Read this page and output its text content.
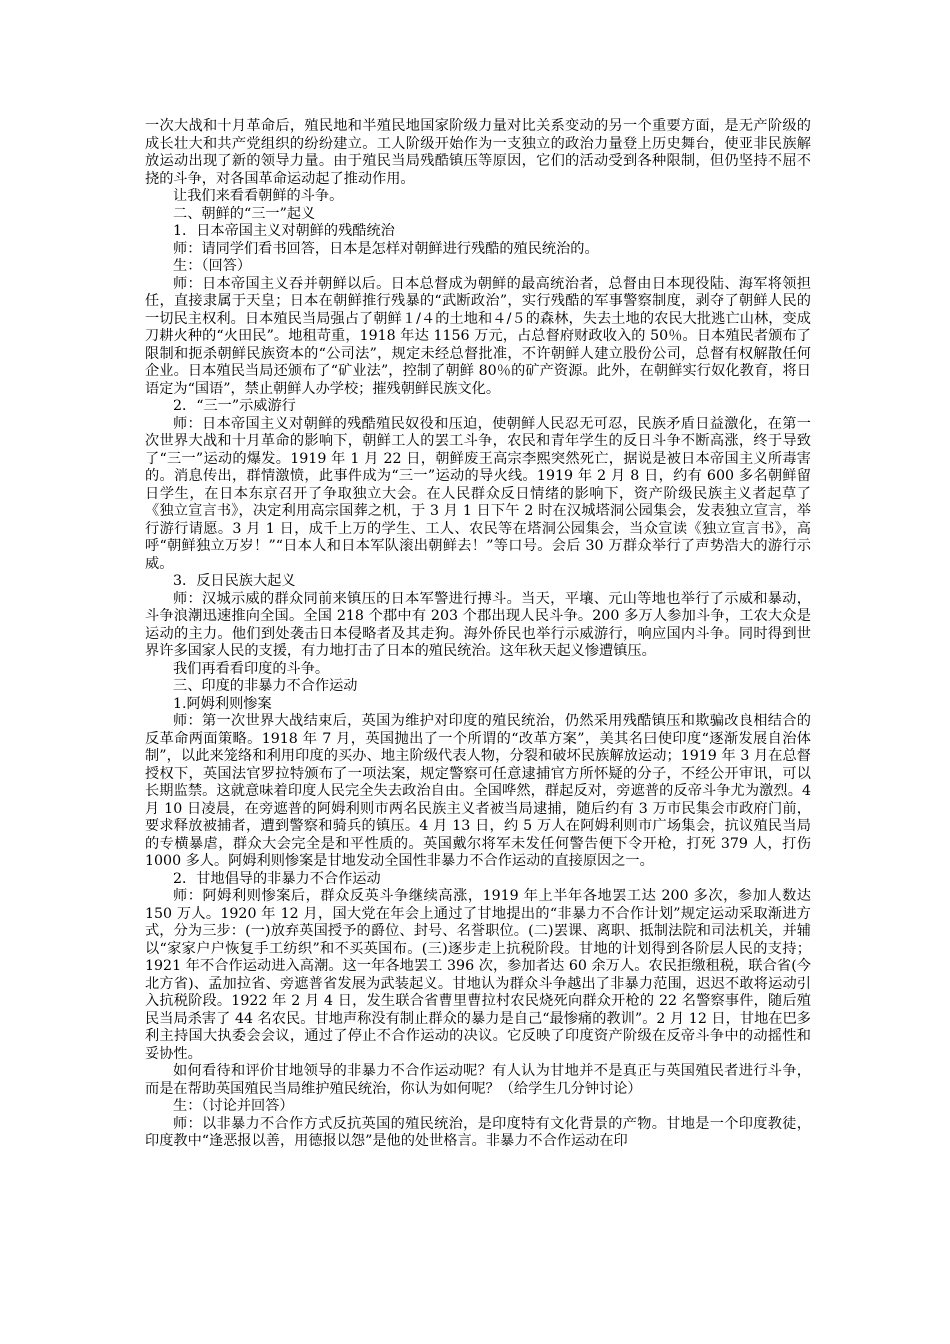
一次大战和十月革命后，殖民地和半殖民地国家阶级力量对比关系变动的另一个重要方面，是无产阶级的成长壮大和共产党组织的纷纷建立。工人阶级开始作为一支独立的政治力量登上历史舞台，使亚非民族解放运动出现了新的领导力量。由于殖民当局残酷镇压等原因，它们的活动受到各种限制，但仍坚持不屈不挠的斗争，对各国革命运动起了推动作用。

让我们来看看朝鲜的斗争。

二、朝鲜的“三一”起义

1．日本帝国主义对朝鲜的残酷统治

师：请同学们看书回答，日本是怎样对朝鲜进行残酷的殖民统治的。

生：（回答）

师：日本帝国主义吞并朝鲜以后。日本总督成为朝鲜的最高统治者，总督由日本现役陆、海军将领担任，直接隶属于天皇；日本在朝鲜推行残暴的“武断政治”，实行残酷的军事警察制度，剥夺了朝鲜人民的一切民主权利。日本殖民当局强占了朝鲜１/４的土地和４/５的森林，失去土地的农民大批逃亡山林，变成刀耕火种的“火田民”。地租苛重，1918 年达 1156 万元，占总督府财政收入的 50％。日本殖民者颁布了限制和扼杀朝鲜民族资本的“公司法”，规定未经总督批准，不许朝鲜人建立股份公司，总督有权解散任何企业。日本殖民当局还颁布了“矿业法”，控制了朝鲜 80％的矿产资源。此外，在朝鲜实行奴化教育，将日语定为“国语”，禁止朝鲜人办学校；摧残朝鲜民族文化。

2．“三一”示威游行

师：日本帝国主义对朝鲜的残酷殖民奴役和压迫，使朝鲜人民忍无可忍，民族矛盾日益激化，在第一次世界大战和十月革命的影响下，朝鲜工人的罢工斗争，农民和青年学生的反日斗争不断高涨，终于导致了“三一”运动的爆发。1919 年 1 月 22 日，朝鲜废王高宗李熙突然死亡，据说是被日本帝国主义所毒害的。消息传出，群情激愤，此事件成为“三一”运动的导火线。1919 年 2 月 8 日，约有 600 多名朝鲜留日学生，在日本东京召开了争取独立大会。在人民群众反日情绪的影响下，资产阶级民族主义者起草了《独立宣言书》，决定利用高宗国葬之机，于 3 月 1 日下午 2 时在汉城塔洞公园集会，发表独立宣言，举行游行请愿。3 月 1 日，成千上万的学生、工人、农民等在塔洞公园集会，当众宣读《独立宣言书》，高呼“朝鲜独立万岁！”“日本人和日本军队滚出朝鲜去！”等口号。会后 30 万群众举行了声势浩大的游行示威。

3．反日民族大起义

师：汉城示威的群众同前来镇压的日本军警进行搏斗。当天，平壤、元山等地也举行了示威和暴动，斗争浪潮迅速推向全国。全国 218 个郡中有 203 个郡出现人民斗争。200 多万人参加斗争，工农大众是运动的主力。他们到处袭击日本侵略者及其走狗。海外侨民也举行示威游行，响应国内斗争。同时得到世界许多国家人民的支援，有力地打击了日本的殖民统治。这年秋天起义惨遭镇压。

我们再看看印度的斗争。

三、印度的非暴力不合作运动

1.阿姆利则惨案

师：第一次世界大战结束后，英国为维护对印度的殖民统治，仍然采用残酷镇压和欺骗改良相结合的反革命两面策略。1918 年 7 月，英国抛出了一个所谓的“改革方案”，美其名曰使印度“逐渐发展自治体制”，以此来笼络和利用印度的买办、地主阶级代表人物，分裂和破坏民族解放运动；1919 年 3 月在总督授权下，英国法官罗拉特颁布了一项法案，规定警察可任意逮捕官方所怀疑的分子，不经公开审讯，可以长期监禁。这就意味着印度人民完全失去政治自由。全国哗然，群起反对，旁遮普的反帝斗争尤为激烈。4 月 10 日凌晨，在旁遮普的阿姆利则市两名民族主义者被当局逮捕，随后约有 3 万市民集会市政府门前，要求释放被捕者，遭到警察和骑兵的镇压。4 月 13 日，约 5 万人在阿姆利则市广场集会，抗议殖民当局的专横暴虐，群众大会完全是和平性质的。英国戴尔将军未发任何警告便下令开枪，打死 379 人，打伤 1000 多人。阿姆利则惨案是甘地发动全国性非暴力不合作运动的直接原因之一。

2．甘地倡导的非暴力不合作运动

师：阿姆利则惨案后，群众反英斗争继续高涨，1919 年上半年各地罢工达 200 多次，参加人数达 150 万人。1920 年 12 月，国大党在年会上通过了甘地提出的“非暴力不合作计划”规定运动采取渐进方式，分为三步：(一)放弃英国授予的爵位、封号、名誉职位。(二)罢课、离职、抵制法院和司法机关，并辅以“家家户户恢复手工纺织”和不买英国布。(三)逐步走上抗税阶段。甘地的计划得到各阶层人民的支持；1921 年不合作运动进入高潮。这一年各地罢工 396 次，参加者达 60 余万人。农民拒缴租税，联合省(今北方省)、孟加拉省、旁遮普省发展为武装起义。甘地认为群众斗争越出了非暴力范围，迟迟不敢将运动引入抗税阶段。1922 年 2 月 4 日，发生联合省曹里曹拉村农民烧死向群众开枪的 22 名警察事件，随后殖民当局杀害了 44 名农民。甘地声称没有制止群众的暴力是自己“最惨痛的教训”。2 月 12 日，甘地在巴多利主持国大执委会会议，通过了停止不合作运动的决议。它反映了印度资产阶级在反帝斗争中的动摇性和妥协性。

如何看待和评价甘地领导的非暴力不合作运动呢？有人认为甘地并不是真正与英国殖民者进行斗争，而是在帮助英国殖民当局维护殖民统治，你认为如何呢？（给学生几分钟讨论）

生：（讨论并回答）

师：以非暴力不合作方式反抗英国的殖民统治，是印度特有文化背景的产物。甘地是一个印度教徒，印度教中“逢恶报以善，用德报以怨”是他的处世格言。非暴力不合作运动在印
